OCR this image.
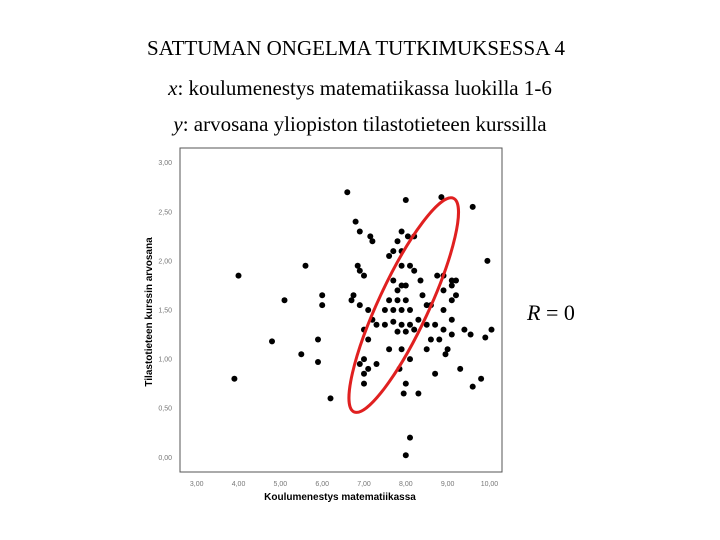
SATTUMAN ONGELMA TUTKIMUKSESSA 4
x: koulumenestys matematiikassa luokilla 1-6
y: arvosana yliopiston tilastotieteen kurssilla
0,00
0,50
1,00
1,50
2,00
2,50
3,00
3,00	4,00	5,00	6,00	7,00	8,00	9,00	10,00
Koulumenestys matematiikassa
Tilastotieteen kurssin arvosana	R = 0
